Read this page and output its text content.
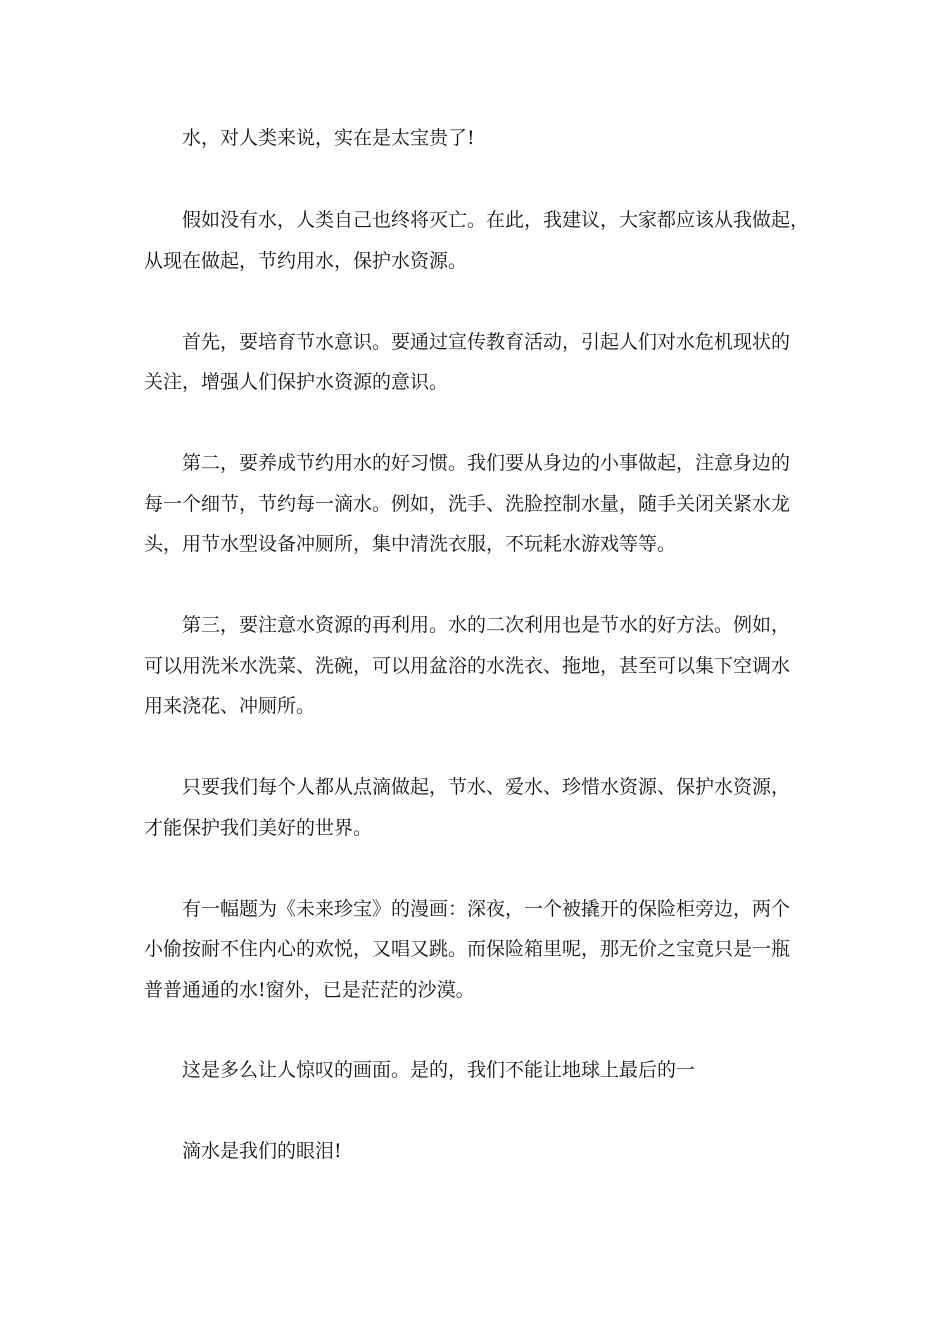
水，对人类来说，实在是太宝贵了!
假如没有水，人类自己也终将灭亡。在此，我建议，大家都应该从我做起，
从现在做起，节约用水，保护水资源。
首先，要培育节水意识。要通过宣传教育活动，引起人们对水危机现状的
关注，增强人们保护水资源的意识。
第二，要养成节约用水的好习惯。我们要从身边的小事做起，注意身边的
每一个细节，节约每一滴水。例如，洗手、洗脸控制水量，随手关闭关紧水龙
头，用节水型设备冲厕所，集中清洗衣服，不玩耗水游戏等等。
第三，要注意水资源的再利用。水的二次利用也是节水的好方法。例如，
可以用洗米水洗菜、洗碗，可以用盆浴的水洗衣、拖地，甚至可以集下空调水
用来浇花、冲厕所。
只要我们每个人都从点滴做起，节水、爱水、珍惜水资源、保护水资源，
才能保护我们美好的世界。
有一幅题为《未来珍宝》的漫画：深夜，一个被撬开的保险柜旁边，两个
小偷按耐不住内心的欢悦，又唱又跳。而保险箱里呢，那无价之宝竟只是一瓶
普普通通的水!窗外，已是茫茫的沙漠。
这是多么让人惊叹的画面。是的，我们不能让地球上最后的一
滴水是我们的眼泪!
